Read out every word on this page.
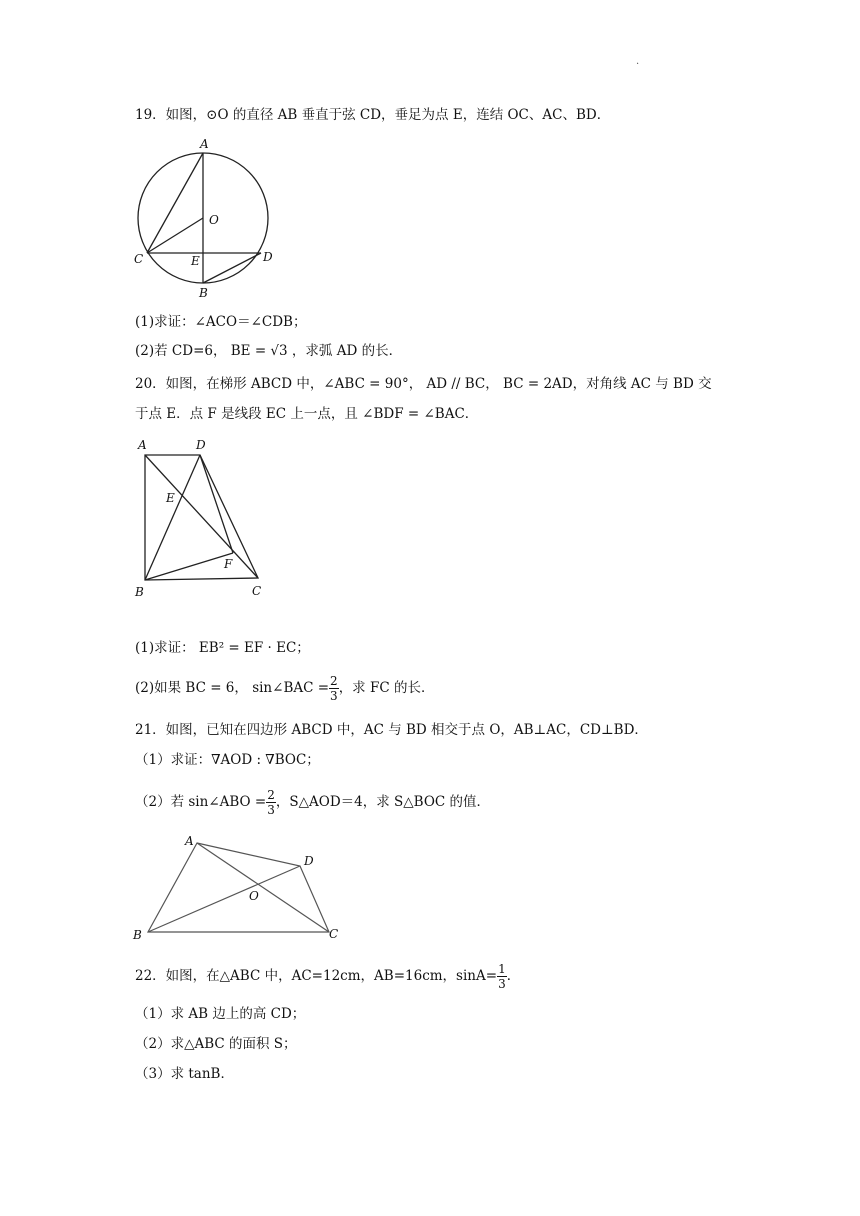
.
19．如图，⊙O 的直径 AB 垂直于弦 CD，垂足为点 E，连结 OC、AC、BD．
A
O
C	E	D
B
(1)求证：∠ACO＝∠CDB；
(2)若 CD=6， BE = √3 ，求弧 AD 的长．
20．如图，在梯形 ABCD 中，∠ABC = 90°， AD // BC， BC = 2AD，对角线 AC 与 BD 交
于点 E．点 F 是线段 EC 上一点，且 ∠BDF = ∠BAC．
A	D
E
F
B	C
(1)求证： EB² = EF · EC；
(2)如果 BC = 6， sin∠BAC = $\frac{2}{3}$ ，求 FC 的长．
21．如图，已知在四边形 ABCD 中，AC 与 BD 相交于点 O，AB⊥AC，CD⊥BD．
（1）求证：∇AOD : ∇BOC；
（2）若 sin∠ABO = $\frac{2}{3}$ ，S△AOD＝4，求 S△BOC 的值．
A
D
O
B	C
22．如图，在△ABC 中，AC=12cm，AB=16cm，$\sin A= \frac{1}{3}$ ．
（1）求 AB 边上的高 CD；
（2）求△ABC 的面积 S；
（3）求 tanB．
